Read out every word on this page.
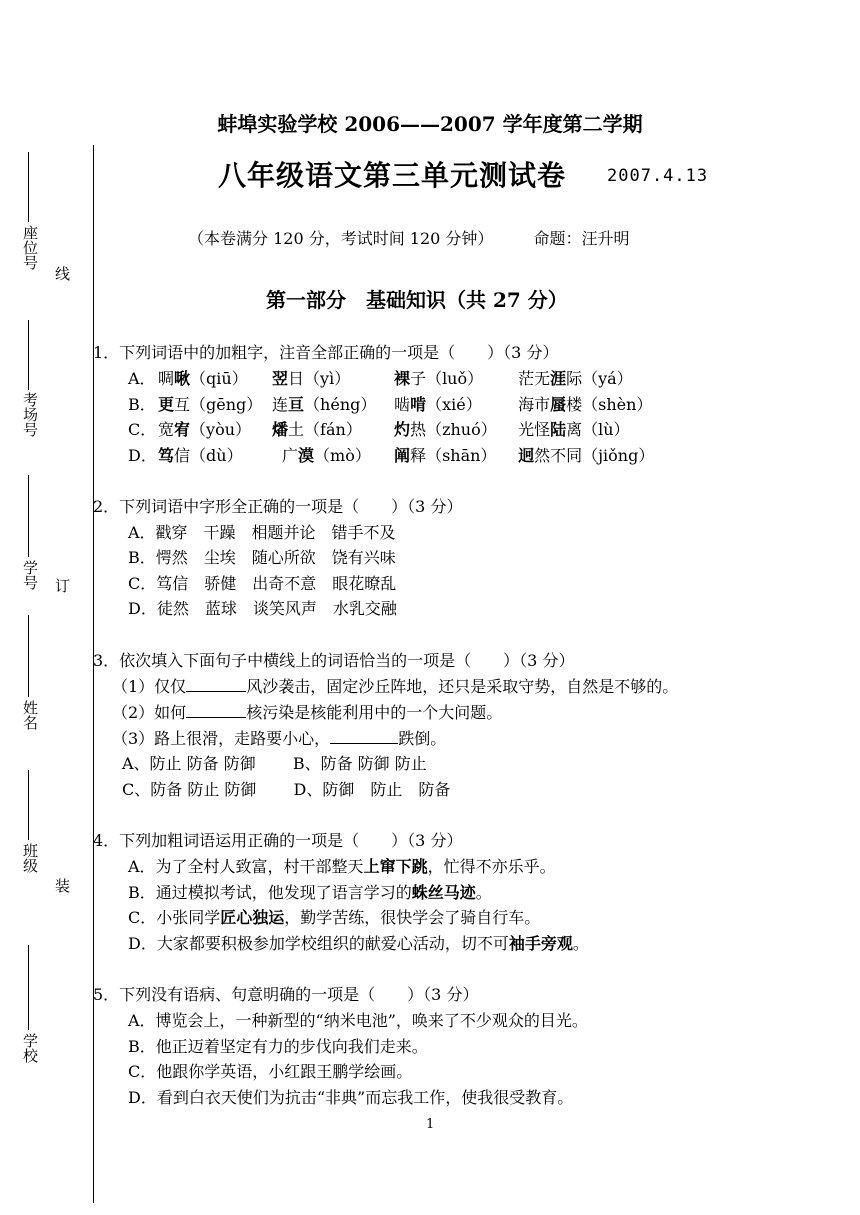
座位号
线
考场号
学号 订
姓名
班级
装
学校
蚌埠实验学校 2006——2007 学年度第二学期
八年级语文第三单元测试卷 2007.4.13
（本卷满分 120 分，考试时间 120 分钟）	命题：汪升明
第一部分　基础知识（共 27 分）
1．下列词语中的加粗字，注音全部正确的一项是（　　）（3 分）
A． 啁啾（qiū） 翌日（yì）	裸子（luǒ） 茫无涯际（yá）
B． 更互（gēng） 连亘（héng） 啮啃（xié） 海市蜃楼（shèn）
C． 宽宥（yòu） 燔土（fán） 灼热（zhuó） 光怪陆离（lù）
D．笃信（dù） 广漠（mò） 阐释（shān） 迥然不同（jiǒng）
2．下列词语中字形全正确的一项是（　　）（3 分）
A．戳穿　干躁　相题并论　错手不及
B．愕然　尘埃　随心所欲　饶有兴味
C．笃信　骄健　出奇不意　眼花暸乱
D．徒然　蓝球　谈笑风声　水乳交融
3．依次填入下面句子中横线上的词语恰当的一项是（　　）（3 分）
（1）仅仅	风沙袭击，固定沙丘阵地，还只是采取守势，自然是不够的。
（2）如何	核污染是核能利用中的一个大问题。
（3）路上很滑，走路要小心，	跌倒。
A、防止 防备 防御　　 B、防备 防御 防止
C、防备 防止 防御　　 D、防御　防止　防备
4．下列加粗词语运用正确的一项是（　　）（3 分）
A．为了全村人致富，村干部整天上窜下跳，忙得不亦乐乎。
B．通过模拟考试，他发现了语言学习的蛛丝马迹。
C．小张同学匠心独运，勤学苦练，很快学会了骑自行车。
D．大家都要积极参加学校组织的献爱心活动，切不可袖手旁观。
5．下列没有语病、句意明确的一项是（　　）（3 分）
A．博览会上，一种新型的“纳米电池”，唤来了不少观众的目光。
B．他正迈着坚定有力的步伐向我们走来。
C．他跟你学英语，小红跟王鹏学绘画。
D．看到白衣天使们为抗击“非典”而忘我工作，使我很受教育。
1
